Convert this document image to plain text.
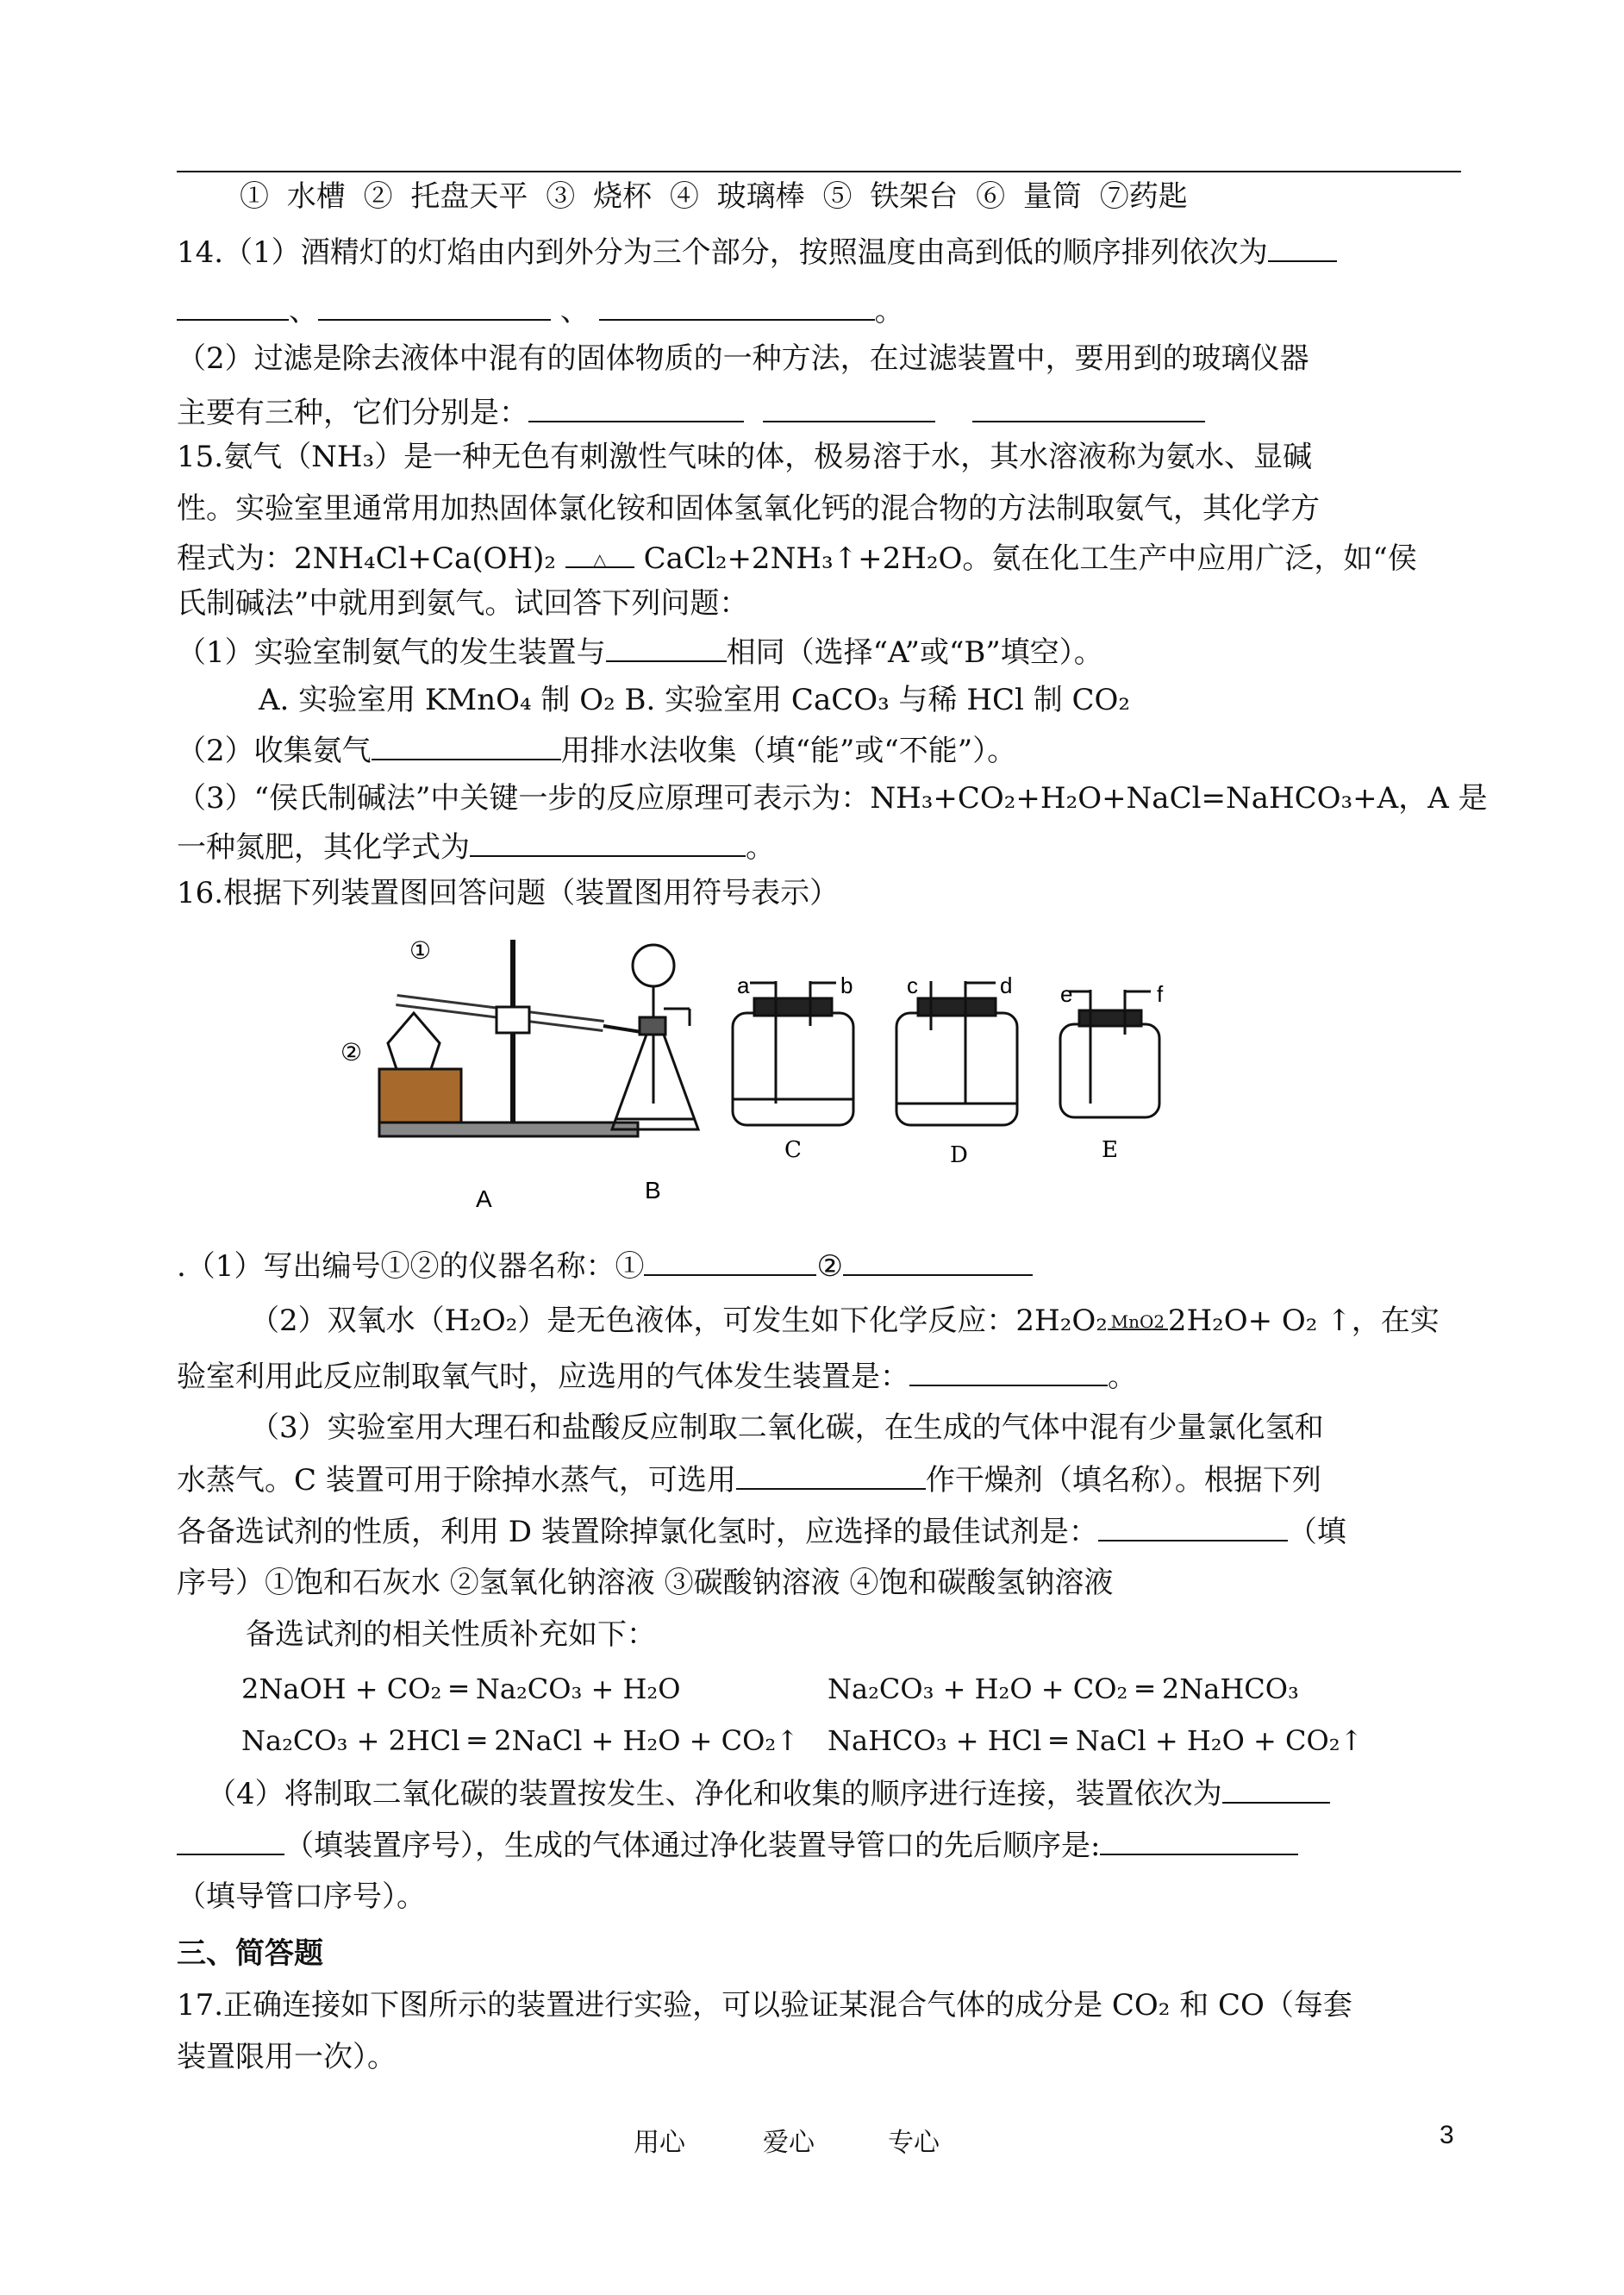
① 水槽 ② 托盘天平 ③ 烧杯 ④ 玻璃棒 ⑤ 铁架台 ⑥ 量筒 ⑦药匙
14.（1）酒精灯的灯焰由内到外分为三个部分，按照温度由高到低的顺序排列依次为
、	、	。
（2）过滤是除去液体中混有的固体物质的一种方法，在过滤装置中，要用到的玻璃仪器
主要有三种，它们分别是：
15.氨气（NH₃）是一种无色有刺激性气味的体，极易溶于水，其水溶液称为氨水、显碱
性。实验室里通常用加热固体氯化铵和固体氢氧化钙的混合物的方法制取氨气，其化学方
程式为：2NH₄Cl+Ca(OH)₂	△	CaCl₂+2NH₃↑+2H₂O。氨在化工生产中应用广泛，如“侯
氏制碱法”中就用到氨气。试回答下列问题：
（1）实验室制氨气的发生装置与	相同（选择“A”或“B”填空）。
A. 实验室用 KMnO₄ 制 O₂ B. 实验室用 CaCO₃ 与稀 HCl 制 CO₂
（2）收集氨气	用排水法收集（填“能”或“不能”）。
（3）“侯氏制碱法”中关键一步的反应原理可表示为：NH₃+CO₂+H₂O+NaCl=NaHCO₃+A，A 是
一种氮肥，其化学式为	。
16.根据下列装置图回答问题（装置图用符号表示）
①
②
A	B
a	b
C
c	d
D
e	f
E
.（1）写出编号①②的仪器名称：①	②
（2）双氧水（H₂O₂）是无色液体，可发生如下化学反应：2H₂O₂ MnO2 2H₂O+ O₂ ↑，在实
验室利用此反应制取氧气时，应选用的气体发生装置是：	。
（3）实验室用大理石和盐酸反应制取二氧化碳，在生成的气体中混有少量氯化氢和
水蒸气。C 装置可用于除掉水蒸气，可选用	作干燥剂（填名称）。根据下列
各备选试剂的性质，利用 D 装置除掉氯化氢时，应选择的最佳试剂是：	（填
序号）①饱和石灰水 ②氢氧化钠溶液 ③碳酸钠溶液 ④饱和碳酸氢钠溶液
备选试剂的相关性质补充如下：
2NaOH + CO₂ ═ Na₂CO₃ + H₂O	Na₂CO₃ + H₂O + CO₂ ═ 2NaHCO₃
Na₂CO₃ + 2HCl ═ 2NaCl + H₂O + CO₂↑ NaHCO₃ + HCl ═ NaCl + H₂O + CO₂↑
（4）将制取二氧化碳的装置按发生、净化和收集的顺序进行连接，装置依次为
（填装置序号），生成的气体通过净化装置导管口的先后顺序是:
（填导管口序号）。
三、简答题
17.正确连接如下图所示的装置进行实验，可以验证某混合气体的成分是 CO₂ 和 CO（每套
装置限用一次）。
用心	爱心	专心	3
